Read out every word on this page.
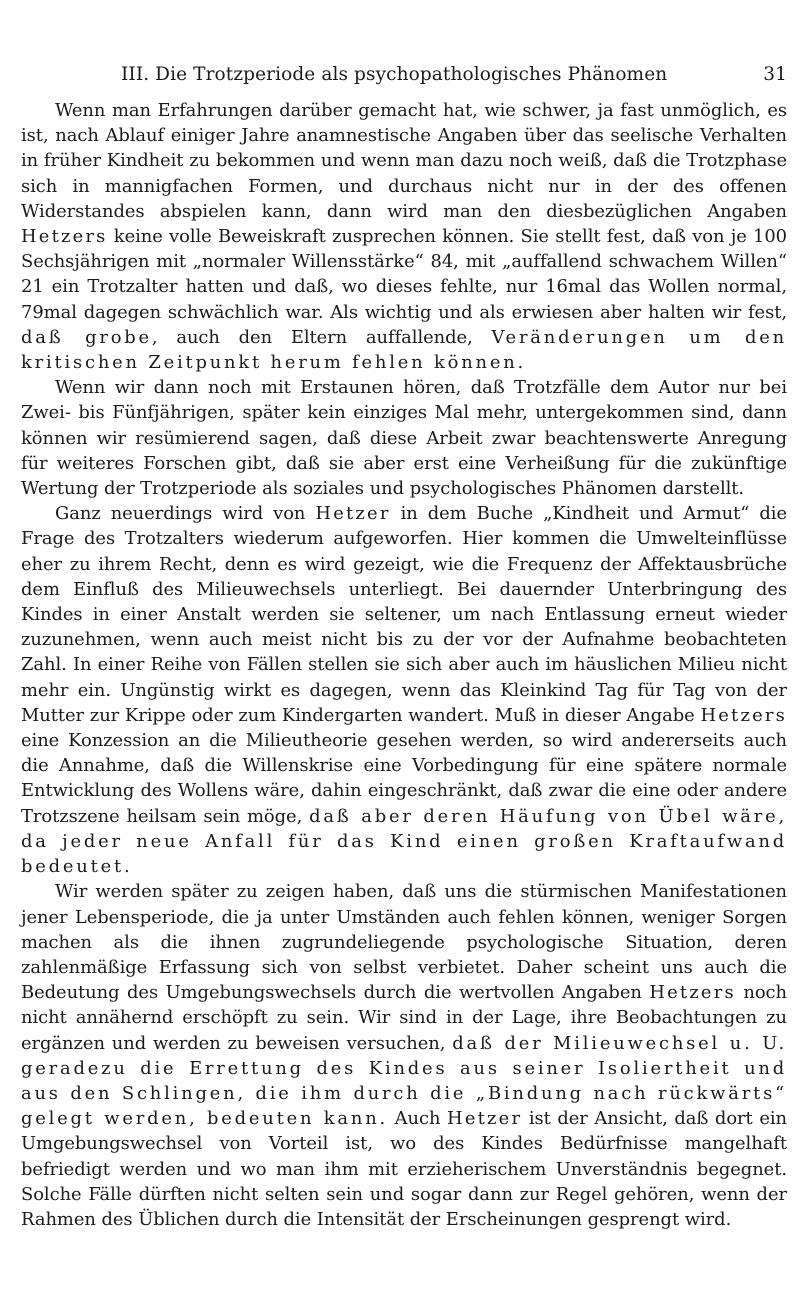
III. Die Trotzperiode als psychopathologisches Phänomen	31

Wenn man Erfahrungen darüber gemacht hat, wie schwer, ja fast unmöglich, es ist, nach Ablauf einiger Jahre anamnestische Angaben über das seelische Verhalten in früher Kindheit zu bekommen und wenn man dazu noch weiß, daß die Trotzphase sich in mannigfachen Formen, und durchaus nicht nur in der des offenen Widerstandes abspielen kann, dann wird man den diesbezüglichen Angaben Hetzers keine volle Beweiskraft zusprechen können. Sie stellt fest, daß von je 100 Sechsjährigen mit „normaler Willensstärke“ 84, mit „auffallend schwachem Willen“ 21 ein Trotzalter hatten und daß, wo dieses fehlte, nur 16mal das Wollen normal, 79mal dagegen schwächlich war. Als wichtig und als erwiesen aber halten wir fest, daß grobe, auch den Eltern auffallende, Veränderungen um den kritischen Zeitpunkt herum fehlen können.

Wenn wir dann noch mit Erstaunen hören, daß Trotzfälle dem Autor nur bei Zwei- bis Fünfjährigen, später kein einziges Mal mehr, untergekommen sind, dann können wir resümierend sagen, daß diese Arbeit zwar beachtenswerte Anregung für weiteres Forschen gibt, daß sie aber erst eine Verheißung für die zukünftige Wertung der Trotzperiode als soziales und psychologisches Phänomen darstellt.

Ganz neuerdings wird von Hetzer in dem Buche „Kindheit und Armut“ die Frage des Trotzalters wiederum aufgeworfen. Hier kommen die Umwelteinflüsse eher zu ihrem Recht, denn es wird gezeigt, wie die Frequenz der Affektausbrüche dem Einfluß des Milieuwechsels unterliegt. Bei dauernder Unterbringung des Kindes in einer Anstalt werden sie seltener, um nach Entlassung erneut wieder zuzunehmen, wenn auch meist nicht bis zu der vor der Aufnahme beobachteten Zahl. In einer Reihe von Fällen stellen sie sich aber auch im häuslichen Milieu nicht mehr ein. Ungünstig wirkt es dagegen, wenn das Kleinkind Tag für Tag von der Mutter zur Krippe oder zum Kindergarten wandert. Muß in dieser Angabe Hetzers eine Konzession an die Milieutheorie gesehen werden, so wird andererseits auch die Annahme, daß die Willenskrise eine Vorbedingung für eine spätere normale Entwicklung des Wollens wäre, dahin eingeschränkt, daß zwar die eine oder andere Trotzszene heilsam sein möge, daß aber deren Häufung von Übel wäre, da jeder neue Anfall für das Kind einen großen Kraftaufwand bedeutet.

Wir werden später zu zeigen haben, daß uns die stürmischen Manifestationen jener Lebensperiode, die ja unter Umständen auch fehlen können, weniger Sorgen machen als die ihnen zugrundeliegende psychologische Situation, deren zahlenmäßige Erfassung sich von selbst verbietet. Daher scheint uns auch die Bedeutung des Umgebungswechsels durch die wertvollen Angaben Hetzers noch nicht annähernd erschöpft zu sein. Wir sind in der Lage, ihre Beobachtungen zu ergänzen und werden zu beweisen versuchen, daß der Milieuwechsel u. U. geradezu die Errettung des Kindes aus seiner Isoliertheit und aus den Schlingen, die ihm durch die „Bindung nach rückwärts“ gelegt werden, bedeuten kann. Auch Hetzer ist der Ansicht, daß dort ein Umgebungswechsel von Vorteil ist, wo des Kindes Bedürfnisse mangelhaft befriedigt werden und wo man ihm mit erzieherischem Unverständnis begegnet. Solche Fälle dürften nicht selten sein und sogar dann zur Regel gehören, wenn der Rahmen des Üblichen durch die Intensität der Erscheinungen gesprengt wird.
